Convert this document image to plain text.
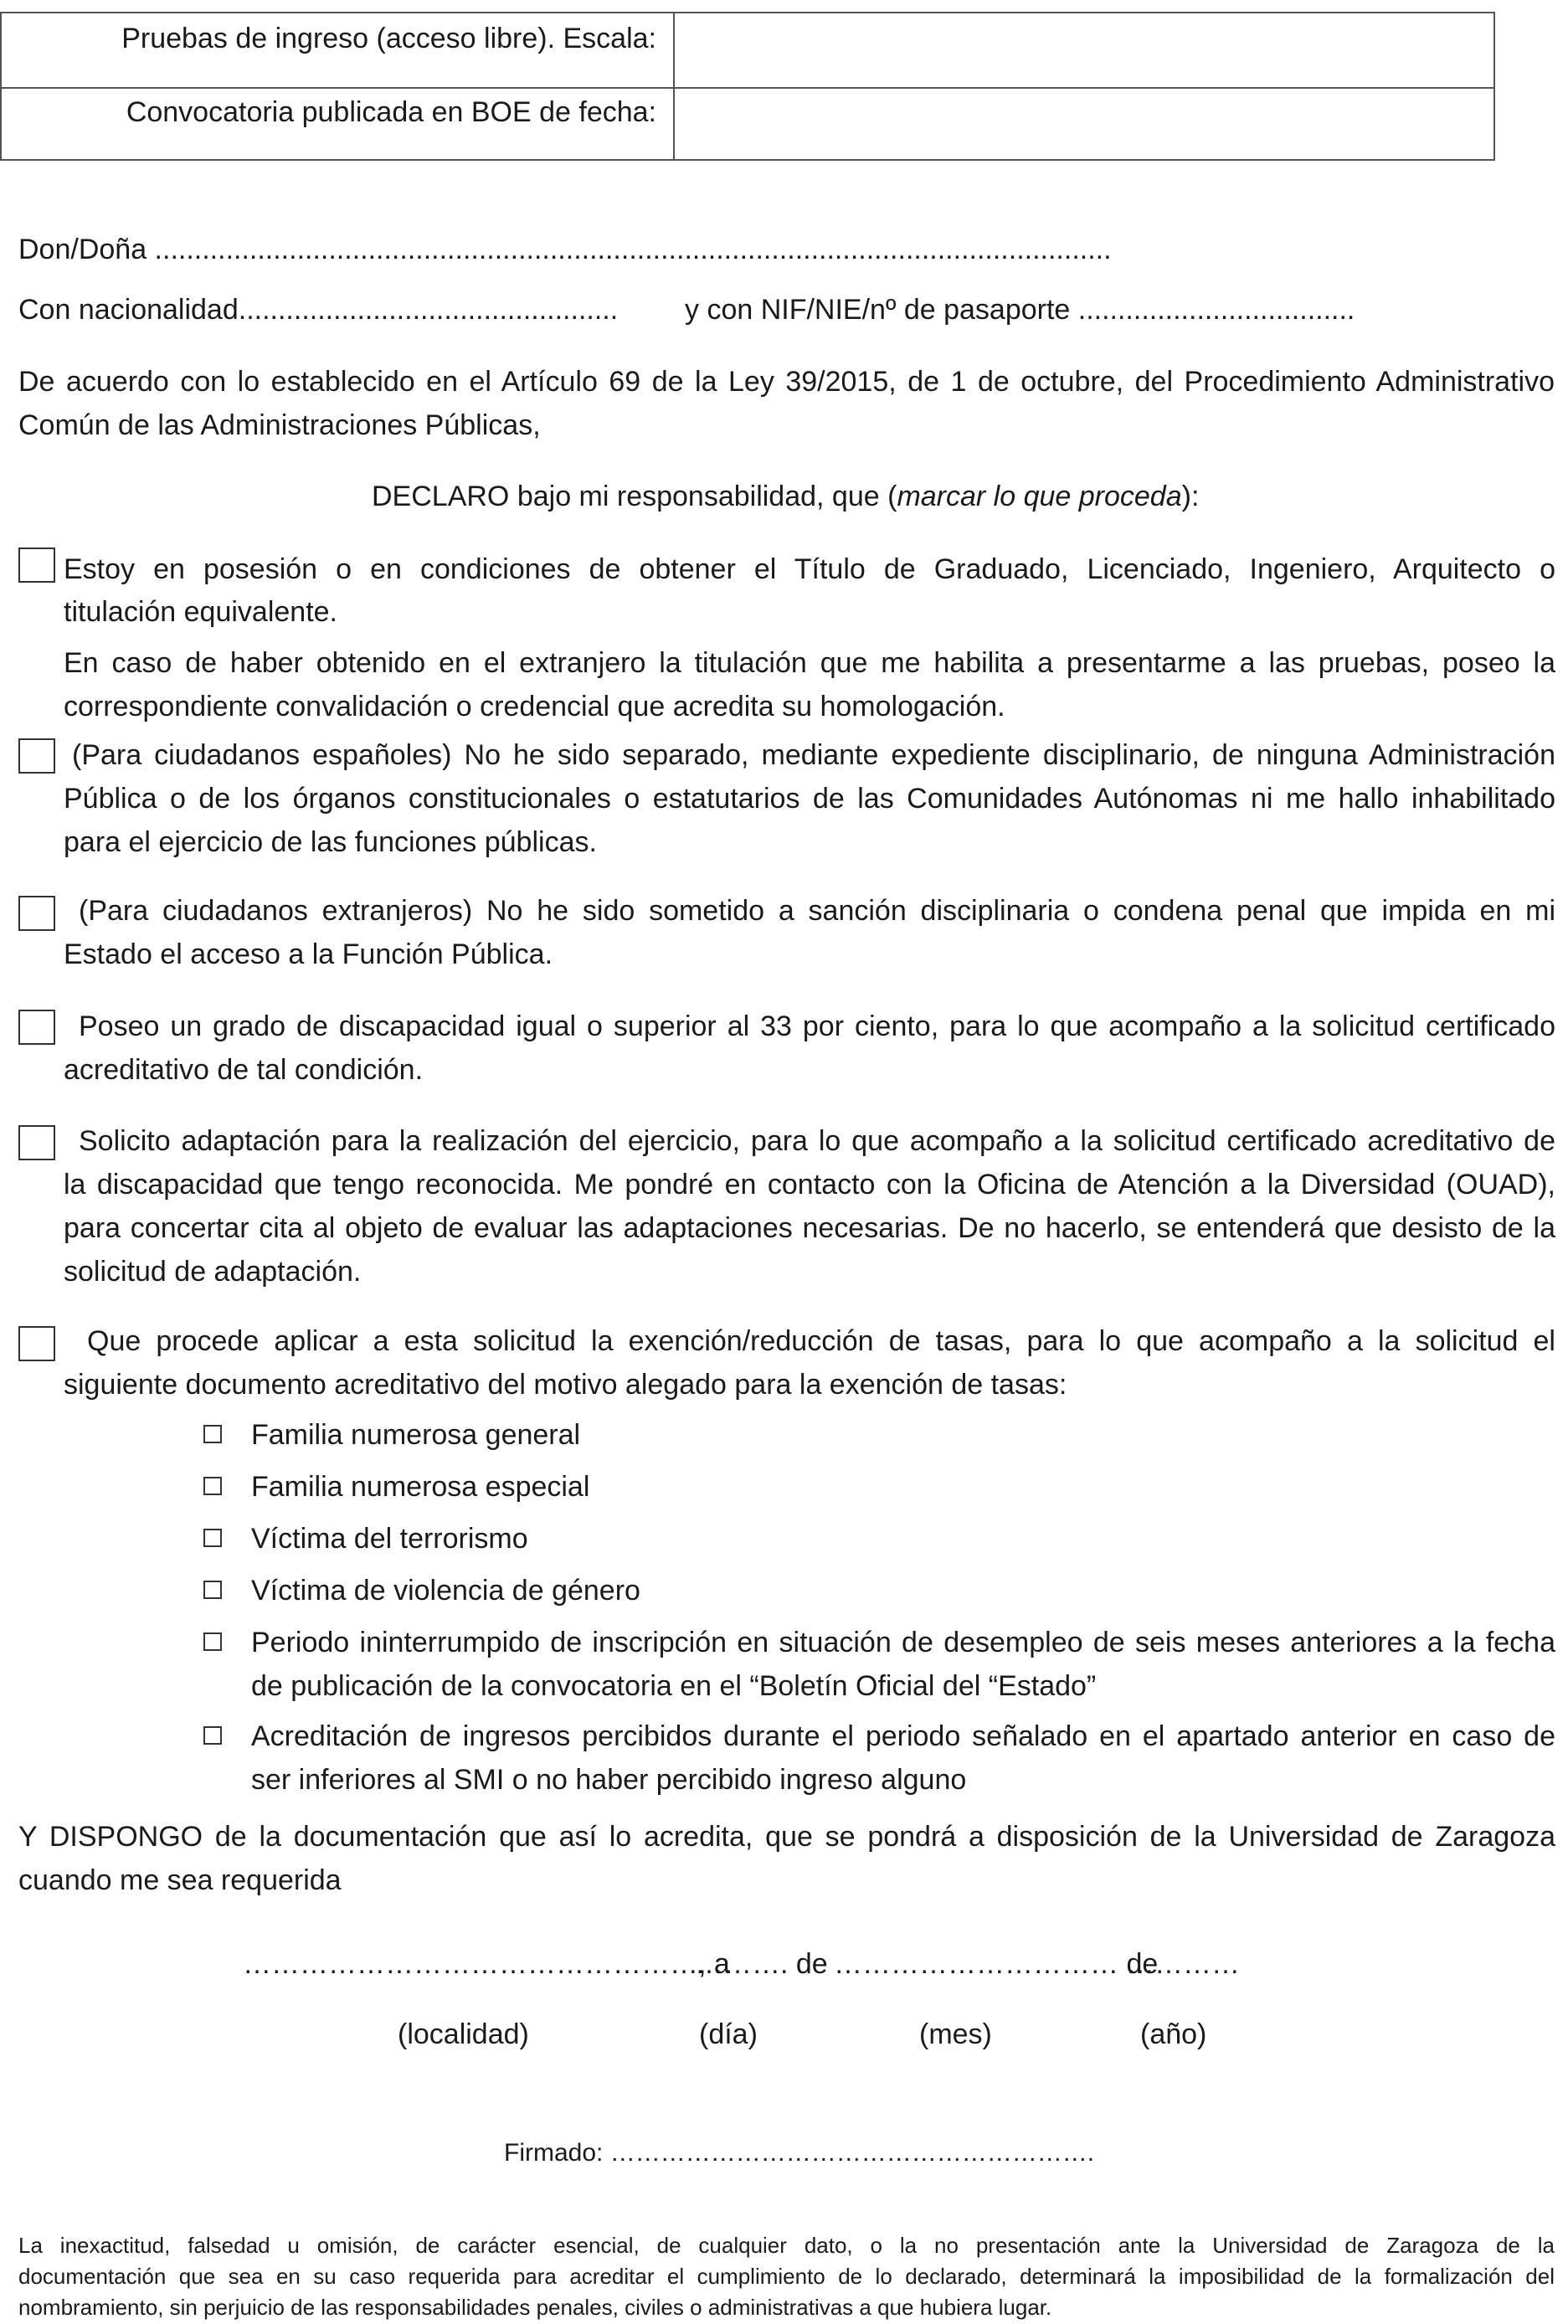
Pruebas de ingreso (acceso libre). Escala:
Convocatoria publicada en BOE de fecha:
Don/Doña .........................................................................................................................
Con nacionalidad................................................ y con NIF/NIE/nº de pasaporte ...................................
De acuerdo con lo establecido en el Artículo 69 de la Ley 39/2015, de 1 de octubre, del Procedimiento Administrativo
Común de las Administraciones Públicas,
DECLARO bajo mi responsabilidad, que (marcar lo que proceda):
Estoy en posesión o en condiciones de obtener el Título de Graduado, Licenciado, Ingeniero, Arquitecto o
titulación equivalente.
En caso de haber obtenido en el extranjero la titulación que me habilita a presentarme a las pruebas, poseo la
correspondiente convalidación o credencial que acredita su homologación.
(Para ciudadanos españoles) No he sido separado, mediante expediente disciplinario, de ninguna Administración
Pública o de los órganos constitucionales o estatutarios de las Comunidades Autónomas ni me hallo inhabilitado
para el ejercicio de las funciones públicas.
(Para ciudadanos extranjeros) No he sido sometido a sanción disciplinaria o condena penal que impida en mi
Estado el acceso a la Función Pública.
Poseo un grado de discapacidad igual o superior al 33 por ciento, para lo que acompaño a la solicitud certificado
acreditativo de tal condición.
Solicito adaptación para la realización del ejercicio, para lo que acompaño a la solicitud certificado acreditativo de
la discapacidad que tengo reconocida. Me pondré en contacto con la Oficina de Atención a la Diversidad (OUAD),
para concertar cita al objeto de evaluar las adaptaciones necesarias. De no hacerlo, se entenderá que desisto de la
solicitud de adaptación.
Que procede aplicar a esta solicitud la exención/reducción de tasas, para lo que acompaño a la solicitud el
siguiente documento acreditativo del motivo alegado para la exención de tasas:
Familia numerosa general
Familia numerosa especial
Víctima del terrorismo
Víctima de violencia de género
Periodo ininterrumpido de inscripción en situación de desempleo de seis meses anteriores a la fecha
de publicación de la convocatoria en el “Boletín Oficial del “Estado”
Acreditación de ingresos percibidos durante el periodo señalado en el apartado anterior en caso de
ser inferiores al SMI o no haber percibido ingreso alguno
Y DISPONGO de la documentación que así lo acredita, que se pondrá a disposición de la Universidad de Zaragoza
cuando me sea requerida
…………………………………………, a
………. de ………………………… de
…………
(localidad)	(día)	(mes)	(año)
Firmado: ………………………………………………….
La inexactitud, falsedad u omisión, de carácter esencial, de cualquier dato, o la no presentación ante la Universidad de Zaragoza de la
documentación que sea en su caso requerida para acreditar el cumplimiento de lo declarado, determinará la imposibilidad de la formalización del
nombramiento, sin perjuicio de las responsabilidades penales, civiles o administrativas a que hubiera lugar.
